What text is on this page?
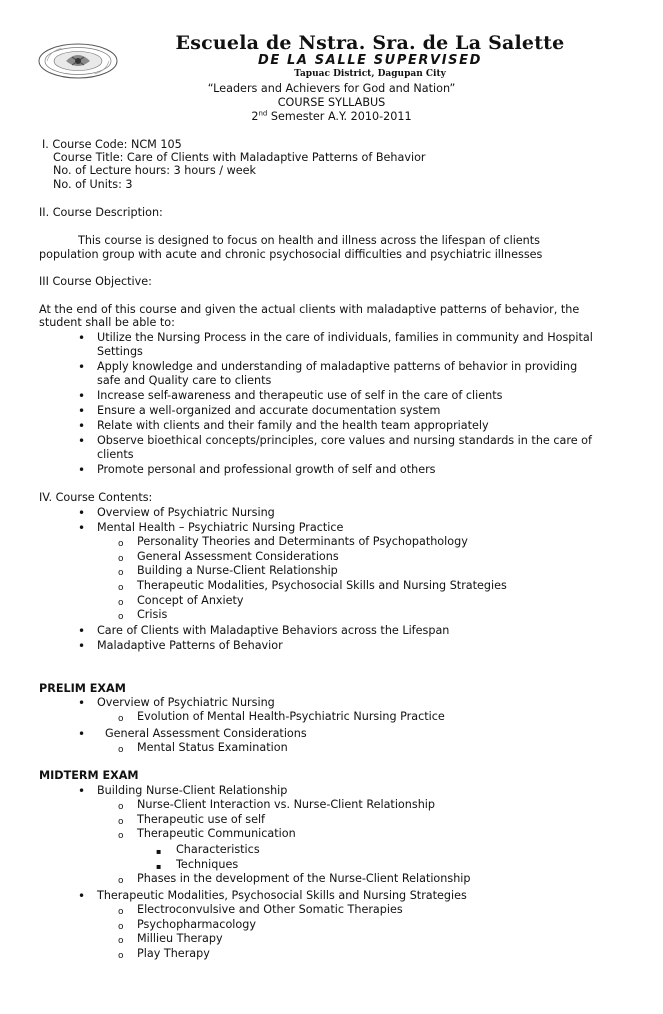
Escuela de Nstra. Sra. de La Salette
DE LA SALLE SUPERVISED
Tapuac District, Dagupan City
“Leaders and Achievers for God and Nation”
COURSE SYLLABUS
2nd Semester A.Y. 2010-2011
I. Course Code: NCM 105
Course Title: Care of Clients with Maladaptive Patterns of Behavior
No. of Lecture hours: 3 hours / week
No. of Units: 3
II. Course Description:
This course is designed to focus on health and illness across the lifespan of clients
population group with acute and chronic psychosocial difficulties and psychiatric illnesses
III Course Objective:
At the end of this course and given the actual clients with maladaptive patterns of behavior, the
student shall be able to:
• Utilize the Nursing Process in the care of individuals, families in community and Hospital
Settings
• Apply knowledge and understanding of maladaptive patterns of behavior in providing
safe and Quality care to clients
• Increase self-awareness and therapeutic use of self in the care of clients
• Ensure a well-organized and accurate documentation system
• Relate with clients and their family and the health team appropriately
• Observe bioethical concepts/principles, core values and nursing standards in the care of
clients
• Promote personal and professional growth of self and others
IV. Course Contents:
• Overview of Psychiatric Nursing
• Mental Health – Psychiatric Nursing Practice
o Personality Theories and Determinants of Psychopathology
o General Assessment Considerations
o Building a Nurse-Client Relationship
o Therapeutic Modalities, Psychosocial Skills and Nursing Strategies
o Concept of Anxiety
o Crisis
• Care of Clients with Maladaptive Behaviors across the Lifespan
• Maladaptive Patterns of Behavior
PRELIM EXAM
• Overview of Psychiatric Nursing
o Evolution of Mental Health-Psychiatric Nursing Practice
• General Assessment Considerations
o Mental Status Examination
MIDTERM EXAM
• Building Nurse-Client Relationship
o Nurse-Client Interaction vs. Nurse-Client Relationship
o Therapeutic use of self
o Therapeutic Communication
▪ Characteristics
▪ Techniques
o Phases in the development of the Nurse-Client Relationship
• Therapeutic Modalities, Psychosocial Skills and Nursing Strategies
o Electroconvulsive and Other Somatic Therapies
o Psychopharmacology
o Millieu Therapy
o Play Therapy
